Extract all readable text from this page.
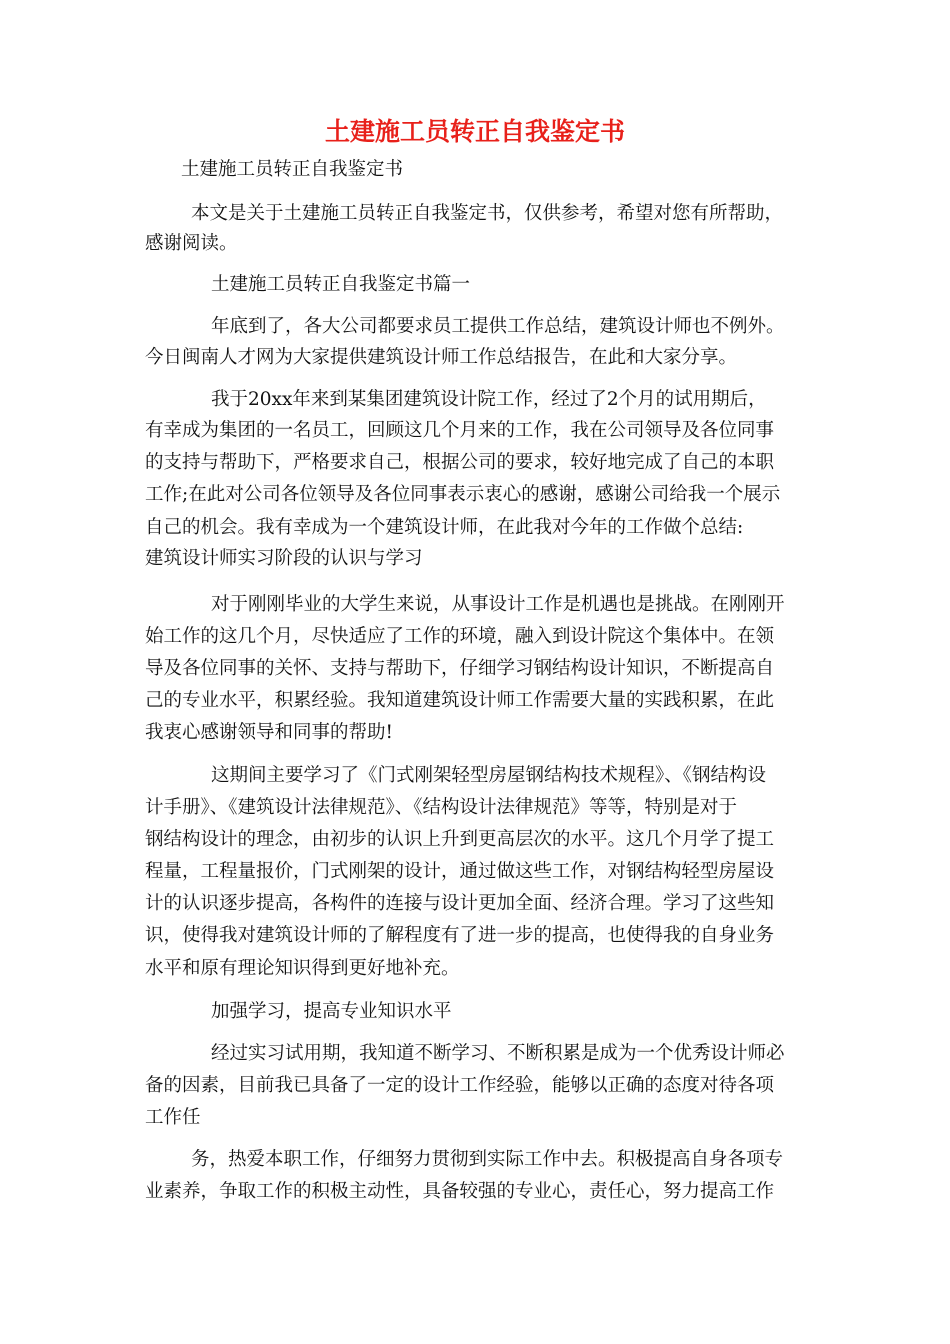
土建施工员转正自我鉴定书
土建施工员转正自我鉴定书
本文是关于土建施工员转正自我鉴定书，仅供参考，希望对您有所帮助，
感谢阅读。
土建施工员转正自我鉴定书篇一
年底到了，各大公司都要求员工提供工作总结，建筑设计师也不例外。
今日闽南人才网为大家提供建筑设计师工作总结报告，在此和大家分享。
我于20xx年来到某集团建筑设计院工作，经过了2个月的试用期后，
有幸成为集团的一名员工，回顾这几个月来的工作，我在公司领导及各位同事
的支持与帮助下，严格要求自己，根据公司的要求，较好地完成了自己的本职
工作;在此对公司各位领导及各位同事表示衷心的感谢，感谢公司给我一个展示
自己的机会。我有幸成为一个建筑设计师，在此我对今年的工作做个总结:
建筑设计师实习阶段的认识与学习
对于刚刚毕业的大学生来说，从事设计工作是机遇也是挑战。在刚刚开
始工作的这几个月，尽快适应了工作的环境，融入到设计院这个集体中。在领
导及各位同事的关怀、支持与帮助下，仔细学习钢结构设计知识，不断提高自
己的专业水平，积累经验。我知道建筑设计师工作需要大量的实践积累，在此
我衷心感谢领导和同事的帮助!
这期间主要学习了《门式刚架轻型房屋钢结构技术规程》、《钢结构设
计手册》、《建筑设计法律规范》、《结构设计法律规范》等等，特别是对于
钢结构设计的理念，由初步的认识上升到更高层次的水平。这几个月学了提工
程量，工程量报价，门式刚架的设计，通过做这些工作，对钢结构轻型房屋设
计的认识逐步提高，各构件的连接与设计更加全面、经济合理。学习了这些知
识，使得我对建筑设计师的了解程度有了进一步的提高，也使得我的自身业务
水平和原有理论知识得到更好地补充。
加强学习，提高专业知识水平
经过实习试用期，我知道不断学习、不断积累是成为一个优秀设计师必
备的因素，目前我已具备了一定的设计工作经验，能够以正确的态度对待各项
工作任
务，热爱本职工作，仔细努力贯彻到实际工作中去。积极提高自身各项专
业素养，争取工作的积极主动性，具备较强的专业心，责任心，努力提高工作
